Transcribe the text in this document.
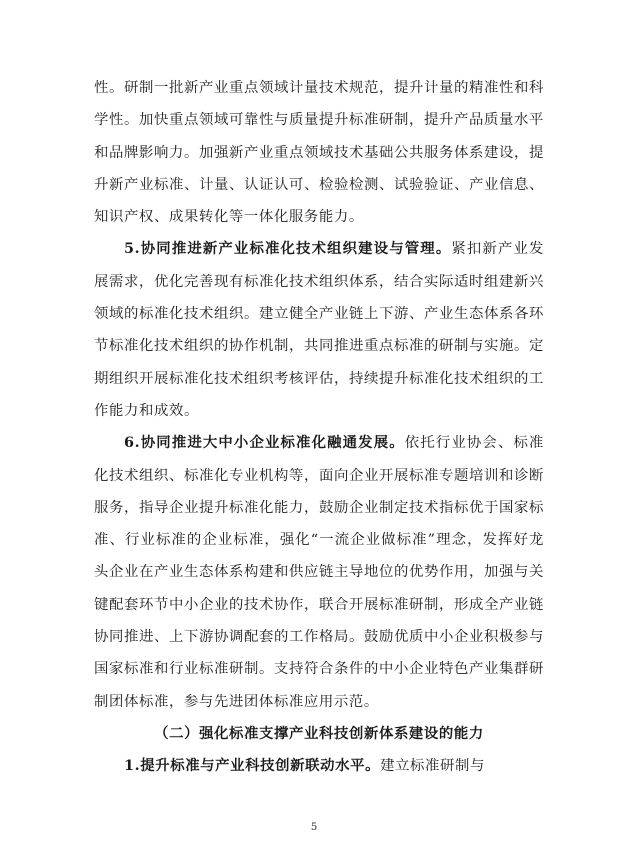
性。研制一批新产业重点领域计量技术规范，提升计量的精准性和科学性。加快重点领域可靠性与质量提升标准研制，提升产品质量水平和品牌影响力。加强新产业重点领域技术基础公共服务体系建设，提升新产业标准、计量、认证认可、检验检测、试验验证、产业信息、知识产权、成果转化等一体化服务能力。

5.协同推进新产业标准化技术组织建设与管理。紧扣新产业发展需求，优化完善现有标准化技术组织体系，结合实际适时组建新兴领域的标准化技术组织。建立健全产业链上下游、产业生态体系各环节标准化技术组织的协作机制，共同推进重点标准的研制与实施。定期组织开展标准化技术组织考核评估，持续提升标准化技术组织的工作能力和成效。

6.协同推进大中小企业标准化融通发展。依托行业协会、标准化技术组织、标准化专业机构等，面向企业开展标准专题培训和诊断服务，指导企业提升标准化能力，鼓励企业制定技术指标优于国家标准、行业标准的企业标准，强化“一流企业做标准”理念，发挥好龙头企业在产业生态体系构建和供应链主导地位的优势作用，加强与关键配套环节中小企业的技术协作，联合开展标准研制，形成全产业链协同推进、上下游协调配套的工作格局。鼓励优质中小企业积极参与国家标准和行业标准研制。支持符合条件的中小企业特色产业集群研制团体标准，参与先进团体标准应用示范。

（二）强化标准支撑产业科技创新体系建设的能力

1.提升标准与产业科技创新联动水平。建立标准研制与

5
